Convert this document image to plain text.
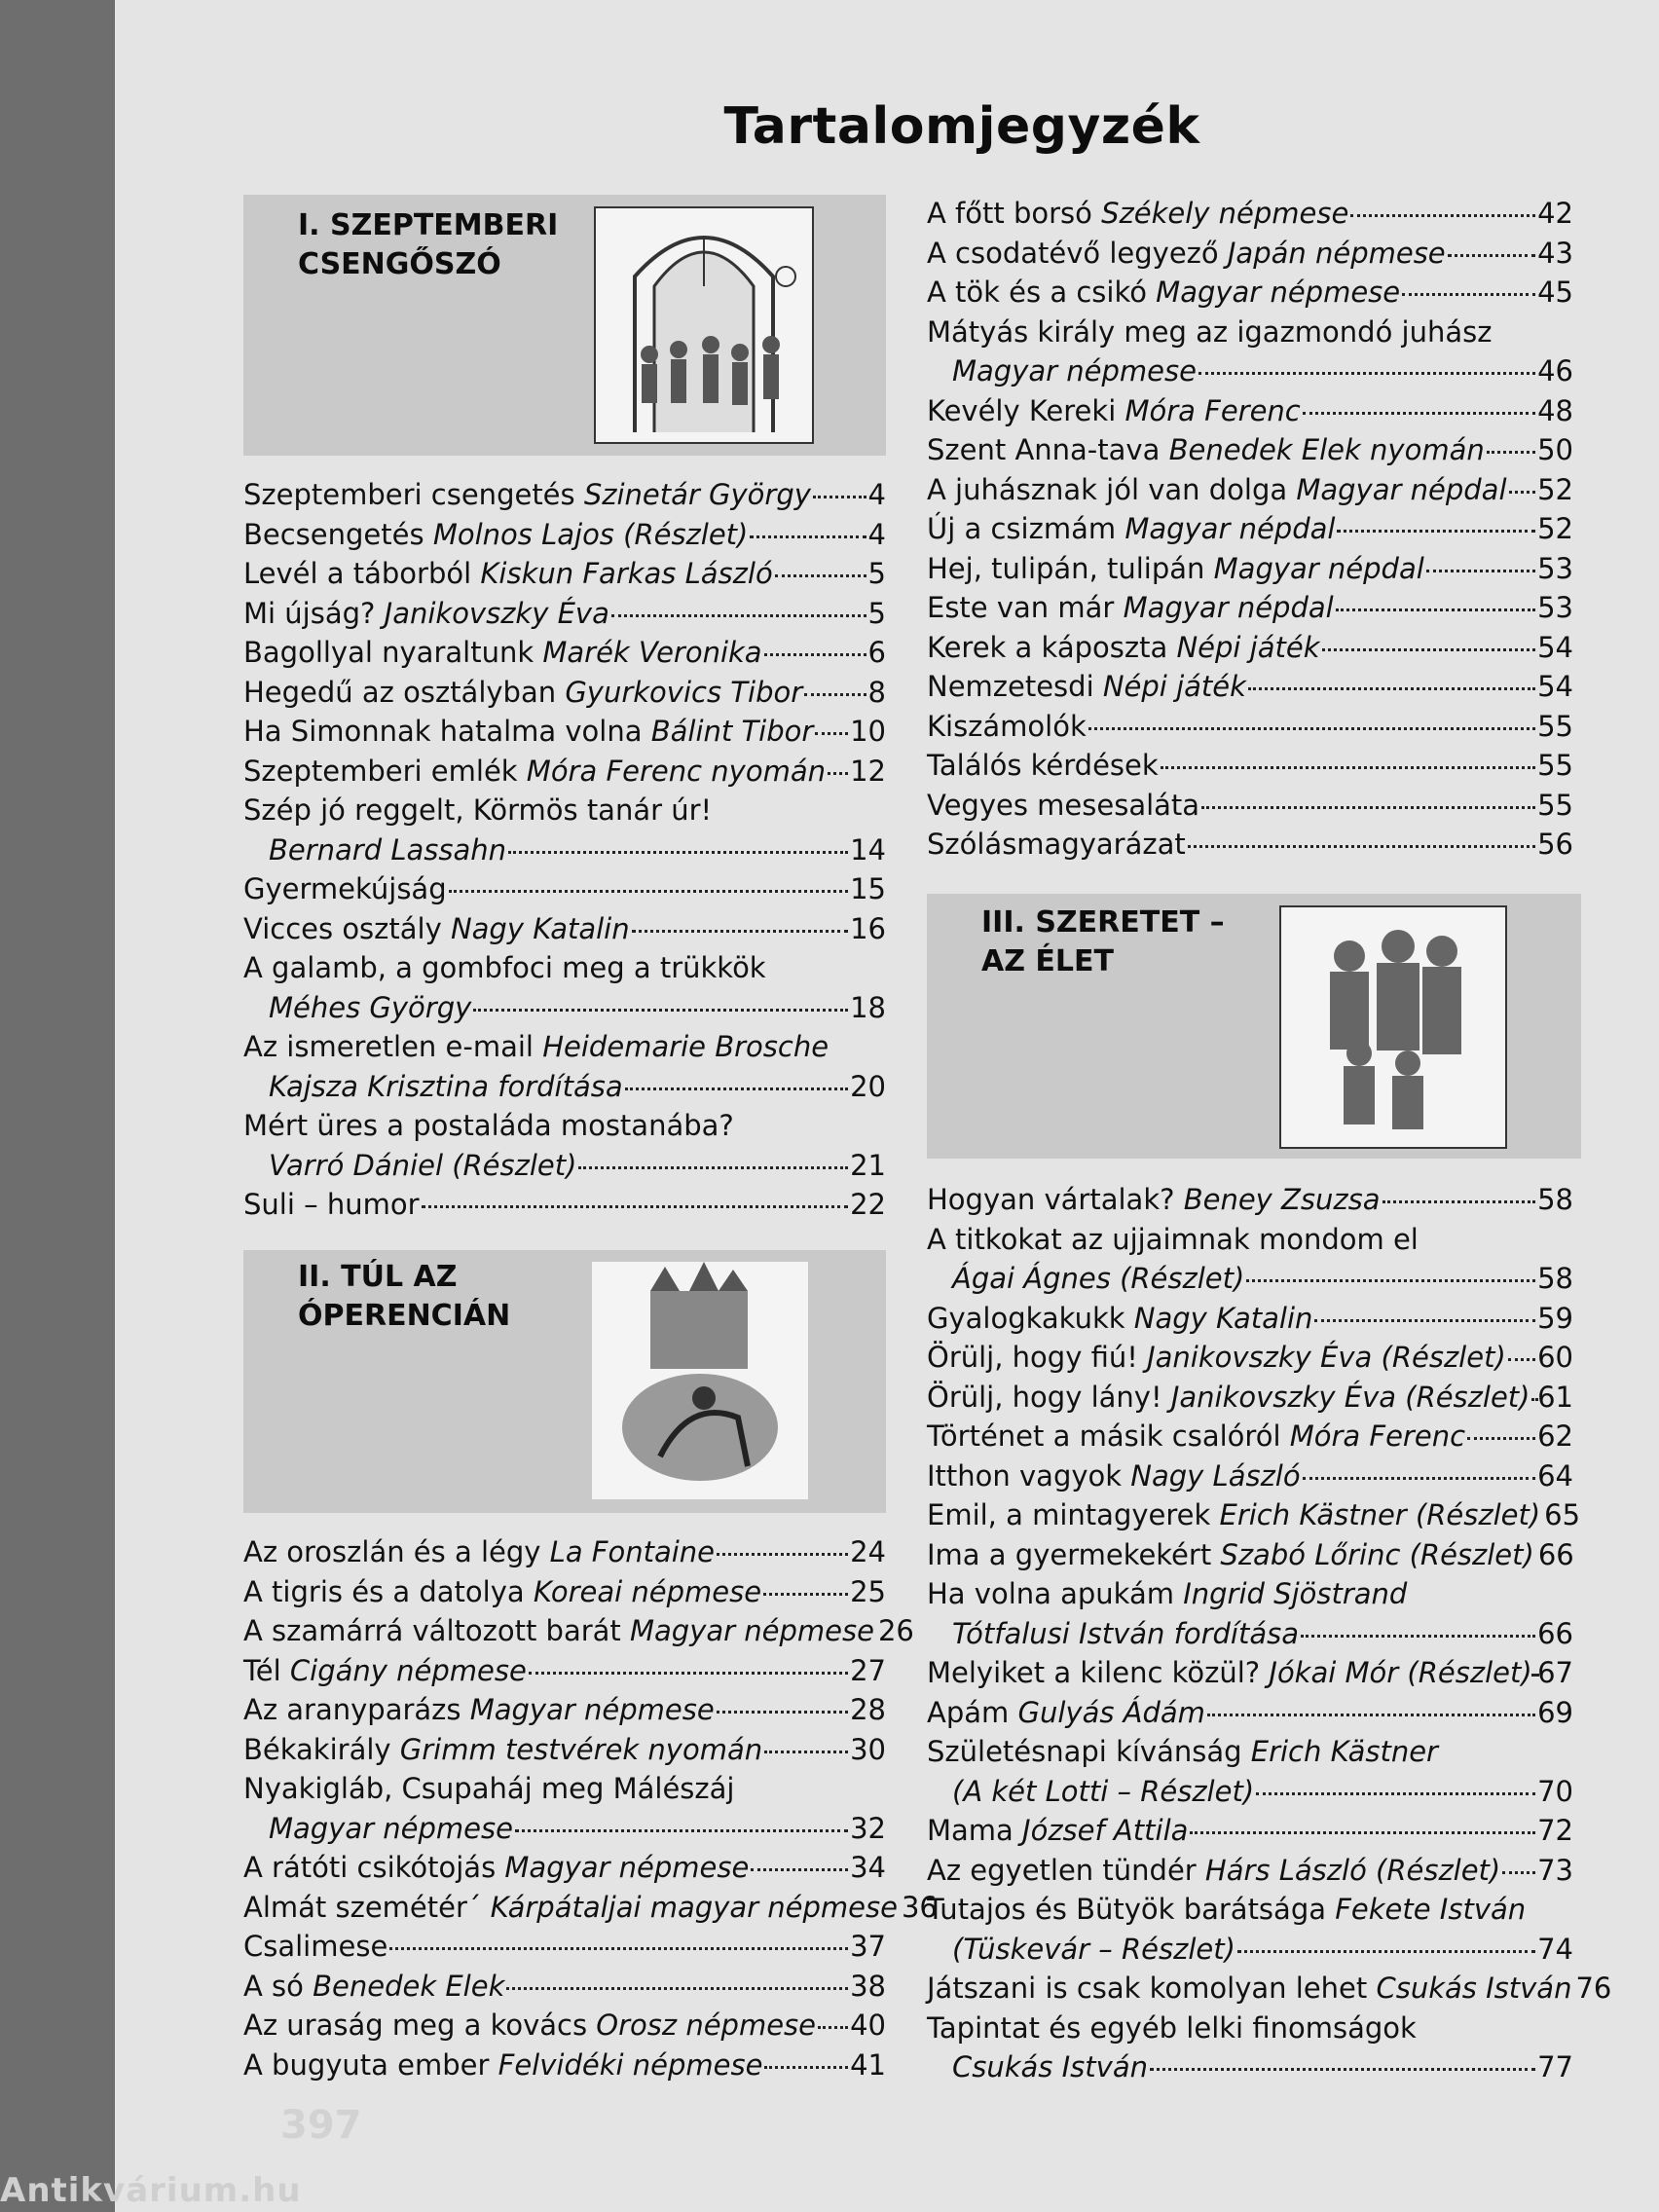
Tartalomjegyzék
I. SZEPTEMBERI
CSENGŐSZÓ
Szeptemberi csengetés Szinetár György 4
Becsengetés Molnos Lajos (Részlet)	4
Levél a táborból Kiskun Farkas László	5
Mi újság? Janikovszky Éva	5
Bagollyal nyaraltunk Marék Veronika	6
Hegedű az osztályban Gyurkovics Tibor 8
Ha Simonnak hatalma volna Bálint Tibor 10
Szeptemberi emlék Móra Ferenc nyomán 12
Szép jó reggelt, Körmös tanár úr!
Bernard Lassahn	14
Gyermekújság	15
Vicces osztály Nagy Katalin	16
A galamb, a gombfoci meg a trükkök
Méhes György	18
Az ismeretlen e-mail Heidemarie Brosche
Kajsza Krisztina fordítása	20
Mért üres a postaláda mostanába?
Varró Dániel (Részlet)	21
Suli – humor	22
II. TÚL AZ
ÓPERENCIÁN
Az oroszlán és a légy La Fontaine	24
A tigris és a datolya Koreai népmese	25
A szamárrá változott barát Magyar népmese 26
Tél Cigány népmese	27
Az aranyparázs Magyar népmese	28
Békakirály Grimm testvérek nyomán	30
Nyakigláb, Csupaháj meg Málészáj
Magyar népmese	32
A rátóti csikótojás Magyar népmese	34
Almát szemétér´ Kárpátaljai magyar népmese 36
Csalimese	37
A só Benedek Elek	38
Az uraság meg a kovács Orosz népmese 40
A bugyuta ember Felvidéki népmese	41
A főtt borsó Székely népmese	42
A csodatévő legyező Japán népmese	43
A tök és a csikó Magyar népmese	45
Mátyás király meg az igazmondó juhász
Magyar népmese	46
Kevély Kereki Móra Ferenc	48
Szent Anna-tava Benedek Elek nyomán 50
A juhásznak jól van dolga Magyar népdal 52
Új a csizmám Magyar népdal	52
Hej, tulipán, tulipán Magyar népdal	53
Este van már Magyar népdal	53
Kerek a káposzta Népi játék	54
Nemzetesdi Népi játék	54
Kiszámolók	55
Találós kérdések	55
Vegyes mesesaláta	55
Szólásmagyarázat	56
III. SZERETET –
AZ ÉLET
Hogyan vártalak? Beney Zsuzsa	58
A titkokat az ujjaimnak mondom el
Ágai Ágnes (Részlet)	58
Gyalogkakukk Nagy Katalin	59
Örülj, hogy fiú! Janikovszky Éva (Részlet) 60
Örülj, hogy lány! Janikovszky Éva (Részlet) 61
Történet a másik csalóról Móra Ferenc	62
Itthon vagyok Nagy László	64
Emil, a mintagyerek Erich Kästner (Részlet) 65
Ima a gyermekekért Szabó Lőrinc (Részlet) 66
Ha volna apukám Ingrid Sjöstrand
Tótfalusi István fordítása	66
Melyiket a kilenc közül? Jókai Mór (Részlet) 67
Apám Gulyás Ádám	69
Születésnapi kívánság Erich Kästner
(A két Lotti – Részlet)	70
Mama József Attila	72
Az egyetlen tündér Hárs László (Részlet) 73
Tutajos és Bütyök barátsága Fekete István
(Tüskevár – Részlet)	74
Játszani is csak komolyan lehet Csukás István 76
Tapintat és egyéb lelki finomságok
Csukás István	77
397
Antikvárium.hu
